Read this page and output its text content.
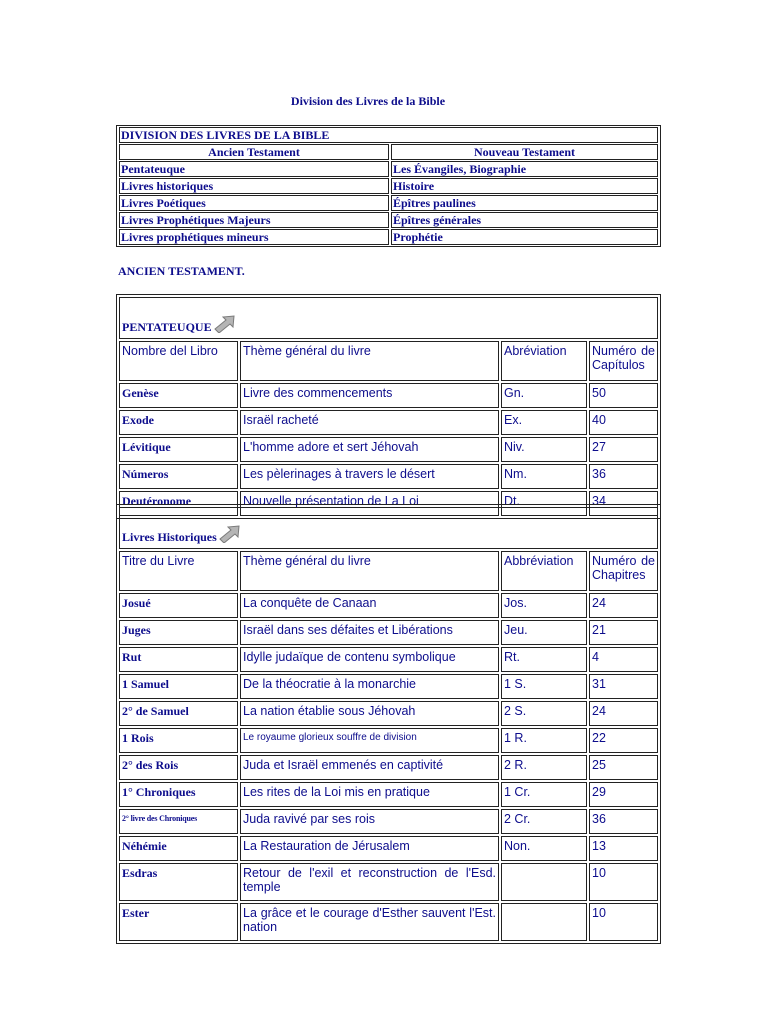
Division des Livres de la Bible
DIVISION DES LIVRES DE LA BIBLE	
Ancien Testament	Nouveau Testament
Pentateuque	Les Évangiles, Biographie
Livres historiques	Histoire
Livres Poétiques	Épîtres paulines
Livres Prophétiques Majeurs	Épîtres générales
Livres prophétiques mineurs	Prophétie
ANCIEN TESTAMENT.
PENTATEUQUE			
Nombre del Libro	Thème général du livre	Abréviation	Numéro de Capítulos
Genèse	Livre des commencements	Gn.	50
Exode	Israël racheté	Ex.	40
Lévitique	L'homme adore et sert Jéhovah	Niv.	27
Números	Les pèlerinages à travers le désert	Nm.	36
Deutéronome	Nouvelle présentation de La Loi	Dt.	34
Livres Historiques			
Titre du Livre	Thème général du livre	Abbréviation	Numéro de Chapitres
Josué	La conquête de Canaan	Jos.	24
Juges	Israël dans ses défaites et Libérations	Jeu.	21
Rut	Idylle judaïque de contenu symbolique	Rt.	4
1 Samuel	De la théocratie à la monarchie	1 S.	31
2° de Samuel	La nation établie sous Jéhovah	2 S.	24
1 Rois	Le royaume glorieux souffre de division	1 R.	22
2° des Rois	Juda et Israël emmenés en captivité	2 R.	25
1° Chroniques	Les rites de la Loi mis en pratique	1 Cr.	29
2° livre des Chroniques	Juda ravivé par ses rois	2 Cr.	36
Néhémie	La Restauration de Jérusalem	Non.	13
Esdras	Retour de l'exil et reconstruction de l'Esd. temple		10
Ester	La grâce et le courage d'Esther sauvent l'Est. nation		10
